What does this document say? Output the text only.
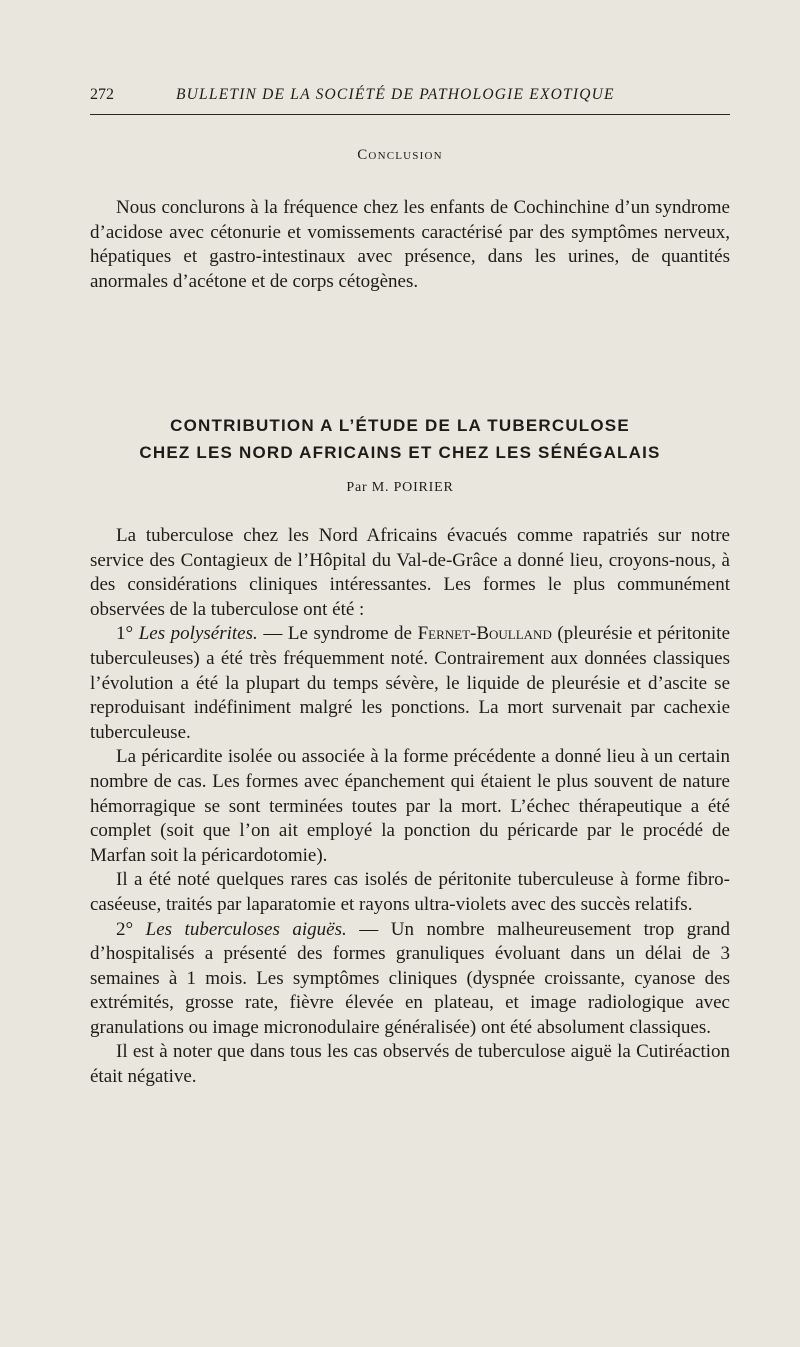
272	BULLETIN DE LA SOCIÉTÉ DE PATHOLOGIE EXOTIQUE
Conclusion

Nous conclurons à la fréquence chez les enfants de Cochinchine d’un syndrome d’acidose avec cétonurie et vomissements caractérisé par des symptômes nerveux, hépatiques et gastro-intestinaux avec présence, dans les urines, de quantités anormales d’acétone et de corps cétogènes.

CONTRIBUTION A L’ÉTUDE DE LA TUBERCULOSE
CHEZ LES NORD AFRICAINS ET CHEZ LES SÉNÉGALAIS
Par M. POIRIER

La tuberculose chez les Nord Africains évacués comme rapatriés sur notre service des Contagieux de l’Hôpital du Val-de-Grâce a donné lieu, croyons-nous, à des considérations cliniques intéressantes. Les formes le plus communément observées de la tuberculose ont été :

1° Les polysérites. — Le syndrome de Fernet-Boulland (pleurésie et péritonite tuberculeuses) a été très fréquemment noté. Contrairement aux données classiques l’évolution a été la plupart du temps sévère, le liquide de pleurésie et d’ascite se reproduisant indéfiniment malgré les ponctions. La mort survenait par cachexie tuberculeuse.

La péricardite isolée ou associée à la forme précédente a donné lieu à un certain nombre de cas. Les formes avec épanchement qui étaient le plus souvent de nature hémorragique se sont terminées toutes par la mort. L’échec thérapeutique a été complet (soit que l’on ait employé la ponction du péricarde par le procédé de Marfan soit la péricardotomie).

Il a été noté quelques rares cas isolés de péritonite tuberculeuse à forme fibro-caséeuse, traités par laparatomie et rayons ultra-violets avec des succès relatifs.

2° Les tuberculoses aiguës. — Un nombre malheureusement trop grand d’hospitalisés a présenté des formes granuliques évoluant dans un délai de 3 semaines à 1 mois. Les symptômes cliniques (dyspnée croissante, cyanose des extrémités, grosse rate, fièvre élevée en plateau, et image radiologique avec granulations ou image micronodulaire généralisée) ont été absolument classiques.

Il est à noter que dans tous les cas observés de tuberculose aiguë la Cutiréaction était négative.
